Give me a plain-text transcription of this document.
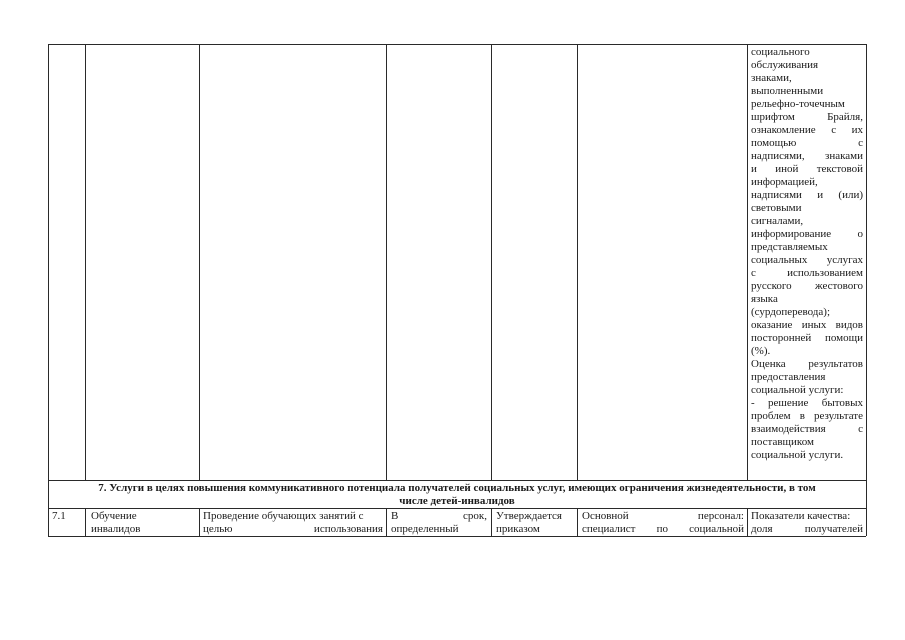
социального
обслуживания
знаками,
выполненными
рельефно-точечным
шрифтом Брайля,
ознакомление с их
помощью с
надписями, знаками
и иной текстовой
информацией,
надписями и (или)
световыми
сигналами,
информирование о
представляемых
социальных услугах
с использованием
русского жестового
языка
(сурдоперевода);
оказание иных видов
посторонней помощи
(%).
Оценка результатов
предоставления
социальной услуги:
- решение бытовых
проблем в результате
взаимодействия с
поставщиком
социальной услуги.
7. Услуги в целях повышения коммуникативного потенциала получателей социальных услуг, имеющих ограничения жизнедеятельности, в том
числе детей-инвалидов
7.1	Обучение
инвалидов
Проведение обучающих занятий с
целью использования
В срок,
определенный
Утверждается
приказом
Основной персонал:
специалист по социальной
Показатели качества:
доля получателей
